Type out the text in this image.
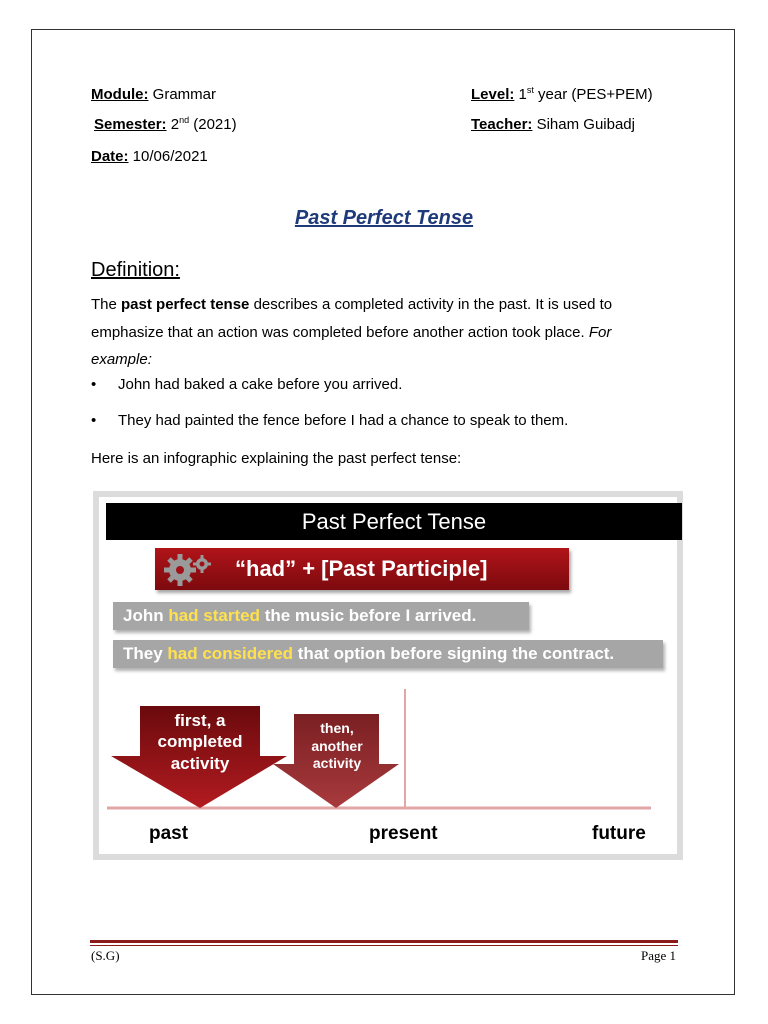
Module: Grammar	Level: 1st year (PES+PEM)
Semester: 2nd (2021)	Teacher: Siham Guibadj
Date: 10/06/2021
Past Perfect Tense
Definition:
The past perfect tense describes a completed activity in the past. It is used to emphasize that an action was completed before another action took place. For example:
• John had baked a cake before you arrived.
• They had painted the fence before I had a chance to speak to them.
Here is an infographic explaining the past perfect tense:
Past Perfect Tense
“had” + [Past Participle]
John had started the music before I arrived.
They had considered that option before signing the contract.
first, a
completed
activity
then,
another
activity
past	present	future
(S.G)	Page 1
